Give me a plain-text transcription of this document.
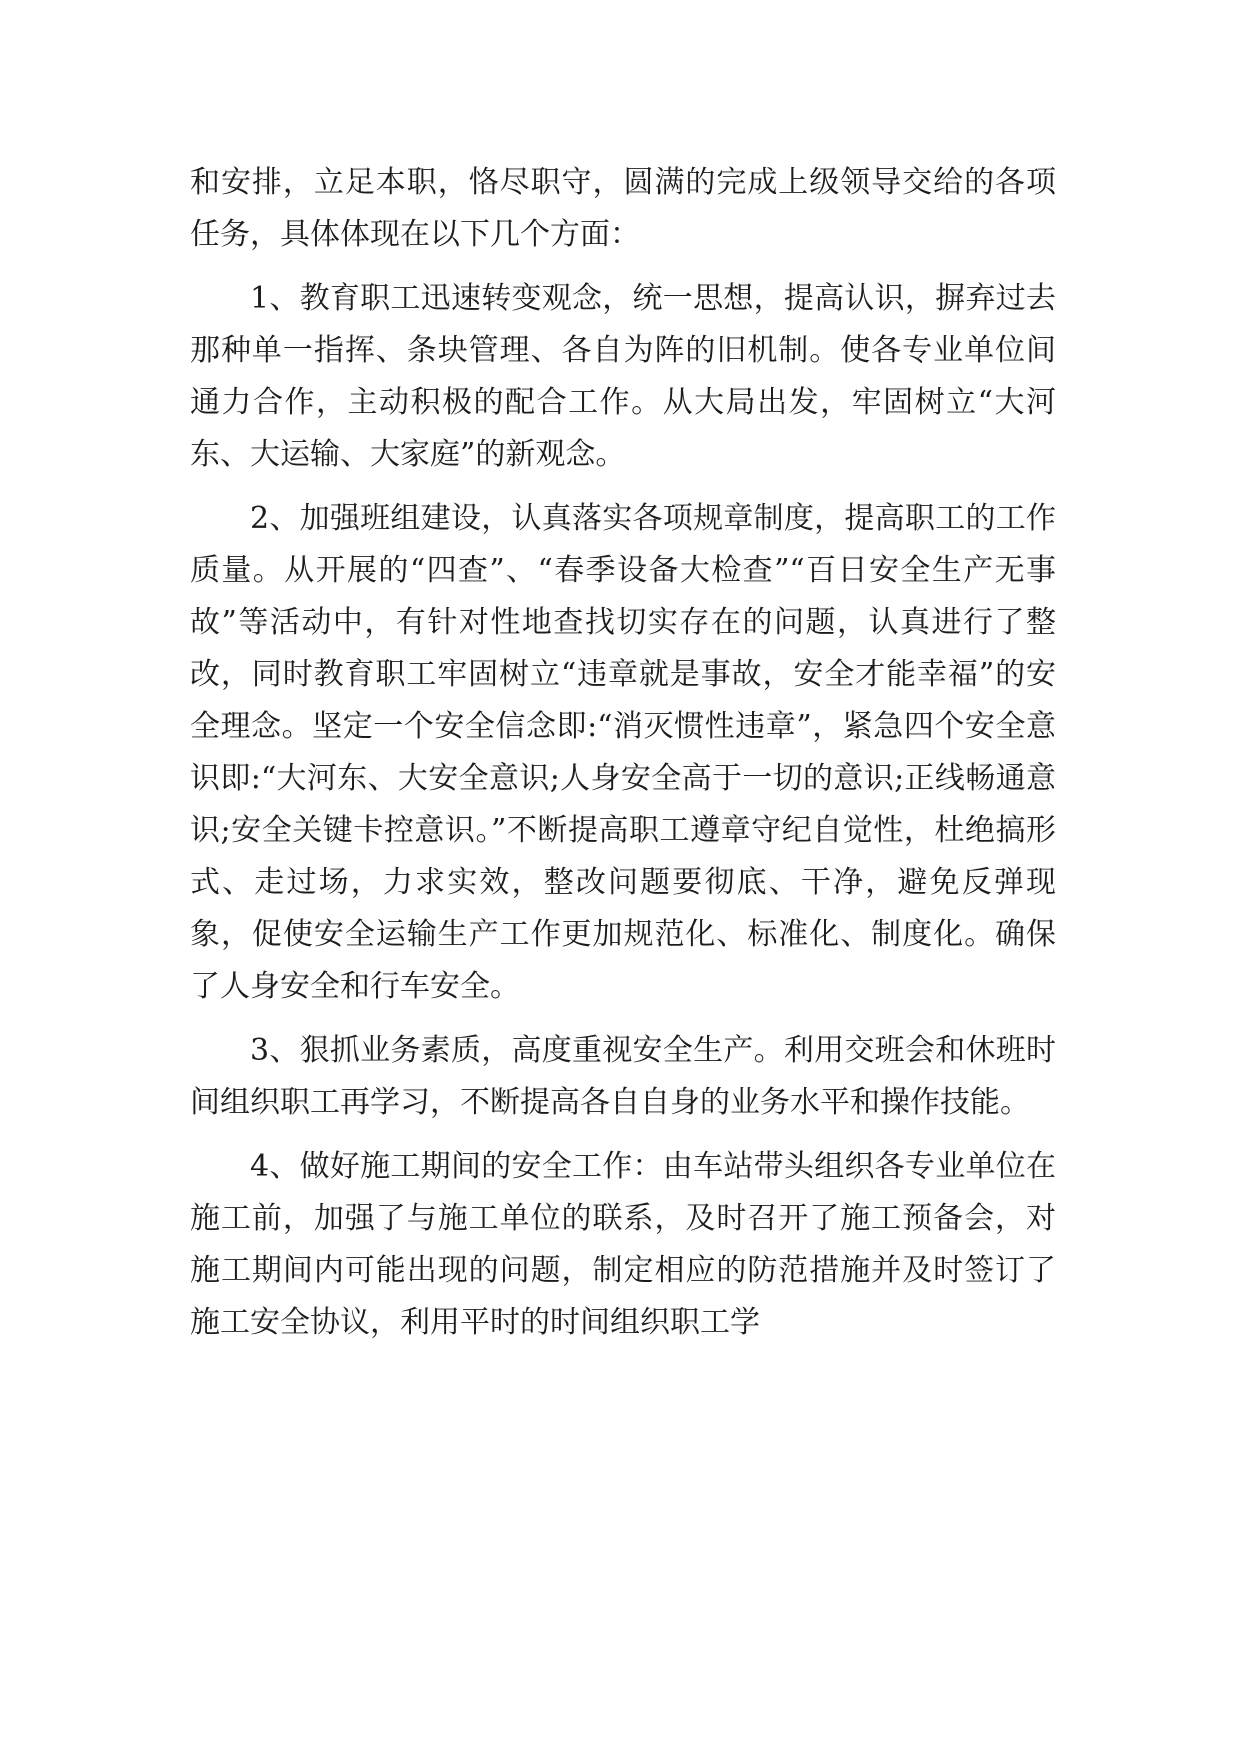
和安排，立足本职，恪尽职守，圆满的完成上级领导交给的各项任务，具体体现在以下几个方面：

1、教育职工迅速转变观念，统一思想，提高认识，摒弃过去那种单一指挥、条块管理、各自为阵的旧机制。使各专业单位间通力合作，主动积极的配合工作。从大局出发，牢固树立“大河东、大运输、大家庭”的新观念。

2、加强班组建设，认真落实各项规章制度，提高职工的工作质量。从开展的“四查”、“春季设备大检查”“百日安全生产无事故”等活动中，有针对性地查找切实存在的问题，认真进行了整改，同时教育职工牢固树立“违章就是事故，安全才能幸福”的安全理念。坚定一个安全信念即:“消灭惯性违章”，紧急四个安全意识即:“大河东、大安全意识;人身安全高于一切的意识;正线畅通意识;安全关键卡控意识。”不断提高职工遵章守纪自觉性，杜绝搞形式、走过场，力求实效，整改问题要彻底、干净，避免反弹现象，促使安全运输生产工作更加规范化、标准化、制度化。确保了人身安全和行车安全。

3、狠抓业务素质，高度重视安全生产。利用交班会和休班时间组织职工再学习，不断提高各自自身的业务水平和操作技能。

4、做好施工期间的安全工作：由车站带头组织各专业单位在施工前，加强了与施工单位的联系，及时召开了施工预备会，对施工期间内可能出现的问题，制定相应的防范措施并及时签订了施工安全协议，利用平时的时间组织职工学
